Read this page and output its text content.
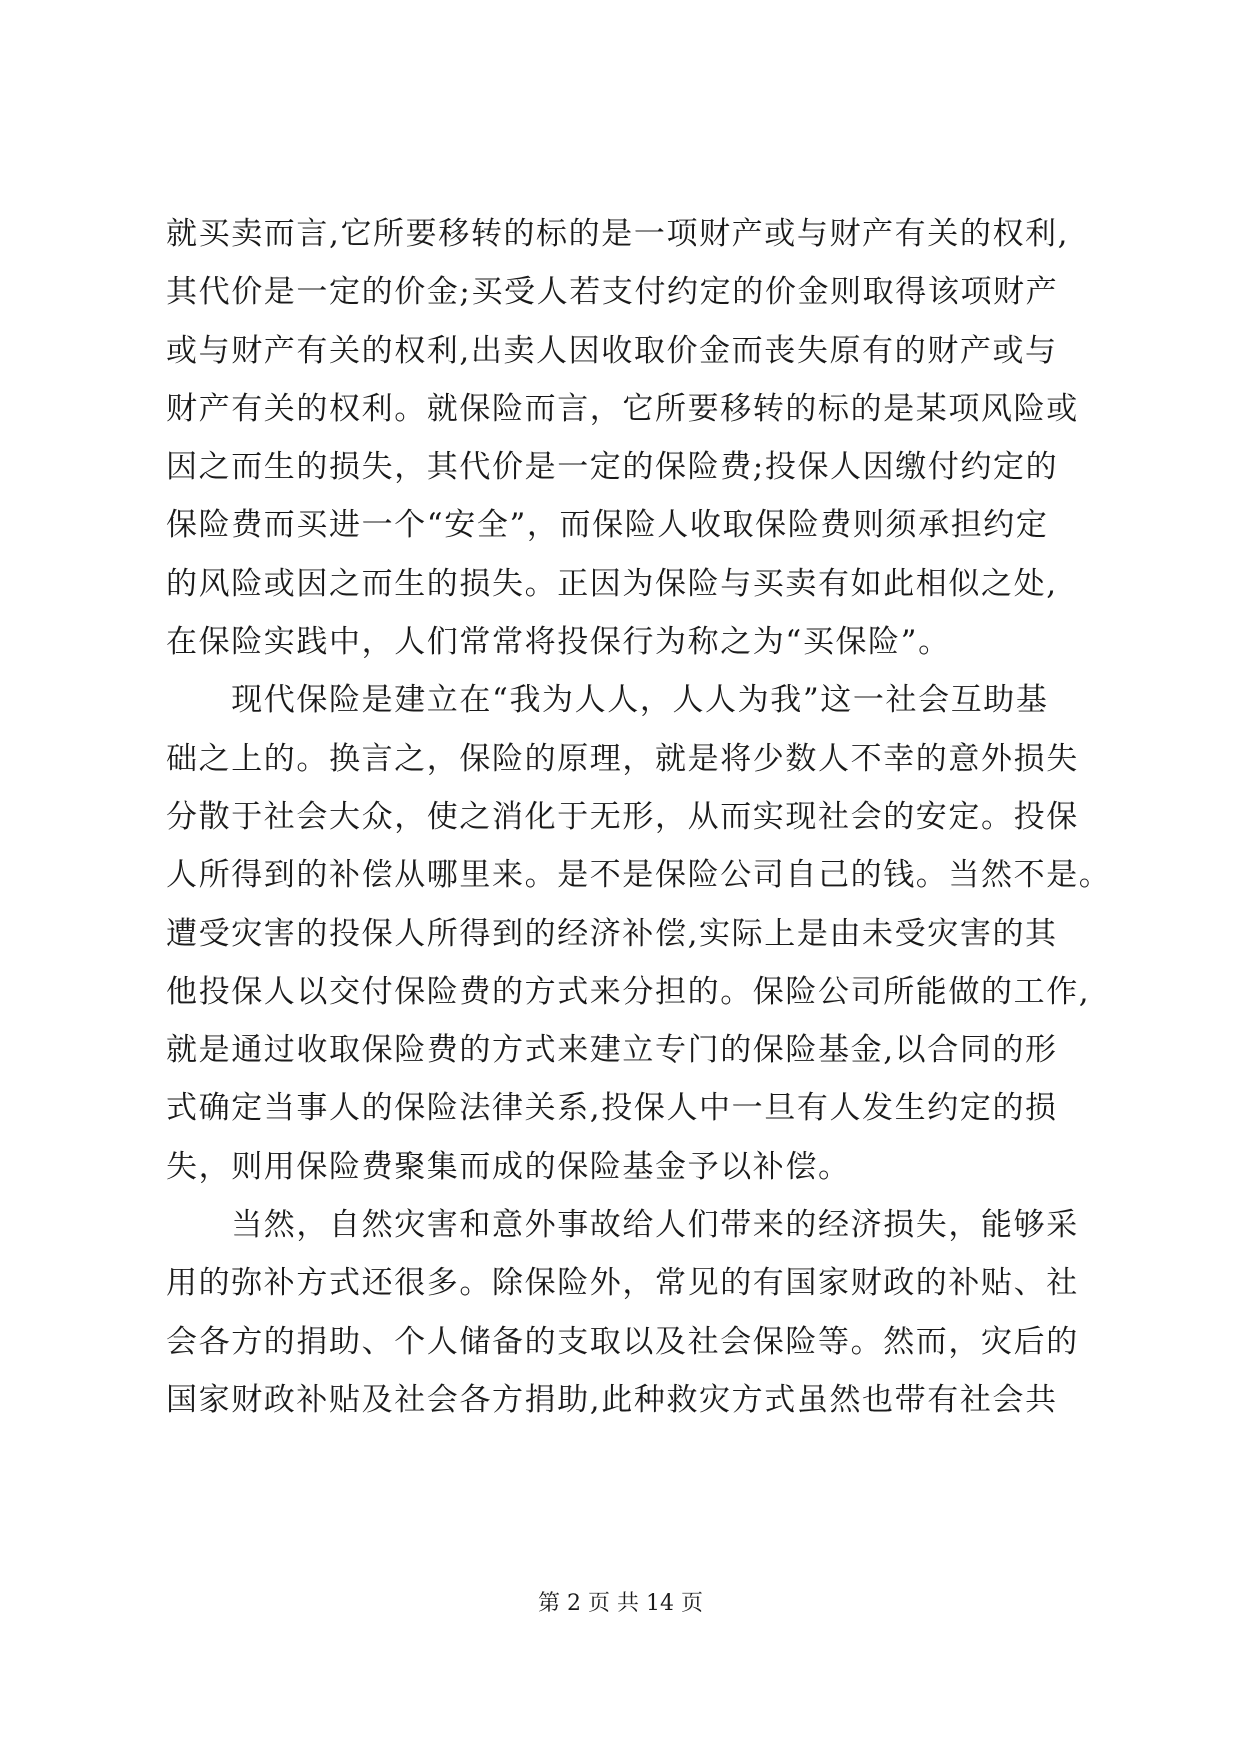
就买卖而言,它所要移转的标的是一项财产或与财产有关的权利,
其代价是一定的价金;买受人若支付约定的价金则取得该项财产
或与财产有关的权利,出卖人因收取价金而丧失原有的财产或与
财产有关的权利。就保险而言，它所要移转的标的是某项风险或
因之而生的损失，其代价是一定的保险费;投保人因缴付约定的
保险费而买进一个“安全”，而保险人收取保险费则须承担约定
的风险或因之而生的损失。正因为保险与买卖有如此相似之处,
在保险实践中，人们常常将投保行为称之为“买保险”。
　　现代保险是建立在“我为人人，人人为我”这一社会互助基
础之上的。换言之，保险的原理，就是将少数人不幸的意外损失
分散于社会大众，使之消化于无形，从而实现社会的安定。投保
人所得到的补偿从哪里来。是不是保险公司自己的钱。当然不是。
遭受灾害的投保人所得到的经济补偿,实际上是由未受灾害的其
他投保人以交付保险费的方式来分担的。保险公司所能做的工作,
就是通过收取保险费的方式来建立专门的保险基金,以合同的形
式确定当事人的保险法律关系,投保人中一旦有人发生约定的损
失，则用保险费聚集而成的保险基金予以补偿。
　　当然，自然灾害和意外事故给人们带来的经济损失，能够采
用的弥补方式还很多。除保险外，常见的有国家财政的补贴、社
会各方的捐助、个人储备的支取以及社会保险等。然而，灾后的
国家财政补贴及社会各方捐助,此种救灾方式虽然也带有社会共
第 2 页 共 14 页
